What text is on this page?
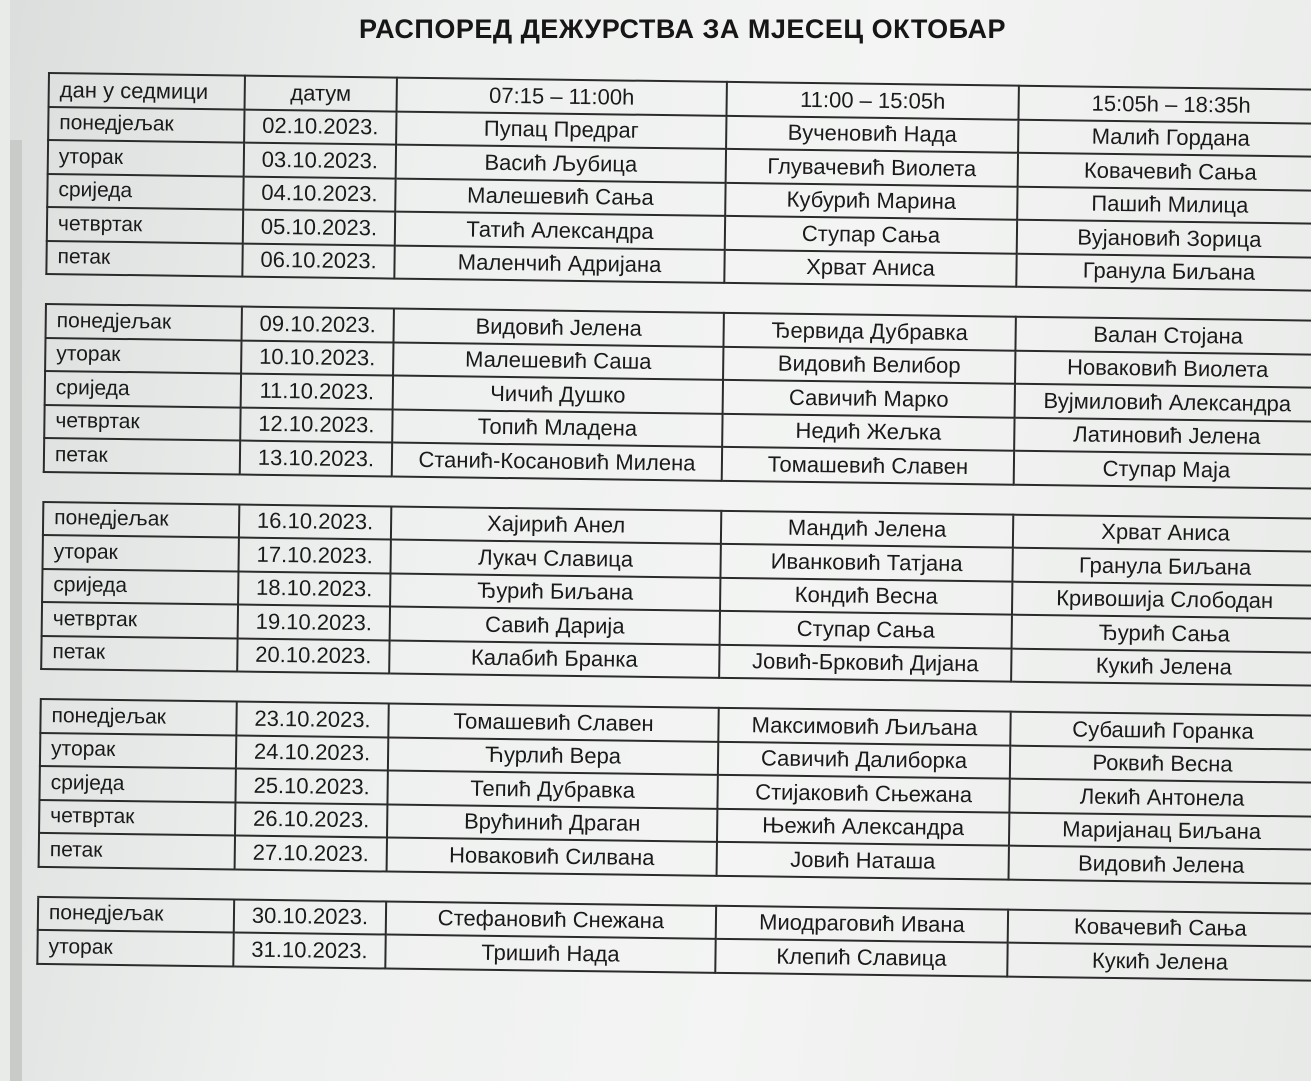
РАСПОРЕД ДЕЖУРСТВА ЗА МЈЕСЕЦ ОКТОБАР
дан у седмици	датум	07:15 – 11:00h	11:00 – 15:05h	15:05h – 18:35h
понедјељак	02.10.2023.	Пупац Предраг	Вученовић Нада	Малић Гордана
уторак	03.10.2023.	Васић Љубица	Глувачевић Виолета	Ковачевић Сања
сриједа	04.10.2023.	Малешевић Сања	Кубурић Марина	Пашић Милица
четвртак	05.10.2023.	Татић Александра	Ступар Сања	Вујановић Зорица
петак	06.10.2023.	Маленчић Адријана	Хрват Аниса	Гранула Биљана

понедјељак	09.10.2023.	Видовић Јелена	Ђервида Дубравка	Валан Стојана
уторак	10.10.2023.	Малешевић Саша	Видовић Велибор	Новаковић Виолета
сриједа	11.10.2023.	Чичић Душко	Савичић Марко	Вујмиловић Александра
четвртак	12.10.2023.	Топић Младена	Недић Жељка	Латиновић Јелена
петак	13.10.2023.	Станић-Косановић Милена	Томашевић Славен	Ступар Маја

понедјељак	16.10.2023.	Хајирић Анел	Мандић Јелена	Хрват Аниса
уторак	17.10.2023.	Лукач Славица	Иванковић Татјана	Гранула Биљана
сриједа	18.10.2023.	Ђурић Биљана	Кондић Весна	Кривошија Слободан
четвртак	19.10.2023.	Савић Дарија	Ступар Сања	Ђурић Сања
петак	20.10.2023.	Калабић Бранка	Јовић-Брковић Дијана	Кукић Јелена

понедјељак	23.10.2023.	Томашевић Славен	Максимовић Љиљана	Субашић Горанка
уторак	24.10.2023.	Ћурлић Вера	Савичић Далиборка	Роквић Весна
сриједа	25.10.2023.	Тепић Дубравка	Стијаковић Сњежана	Лекић Антонела
четвртак	26.10.2023.	Врућинић Драган	Њежић Александра	Маријанац Биљана
петак	27.10.2023.	Новаковић Силвана	Јовић Наташа	Видовић Јелена

понедјељак	30.10.2023.	Стефановић Снежана	Миодраговић Ивана	Ковачевић Сања
уторак	31.10.2023.	Тришић Нада	Клепић Славица	Кукић Јелена
